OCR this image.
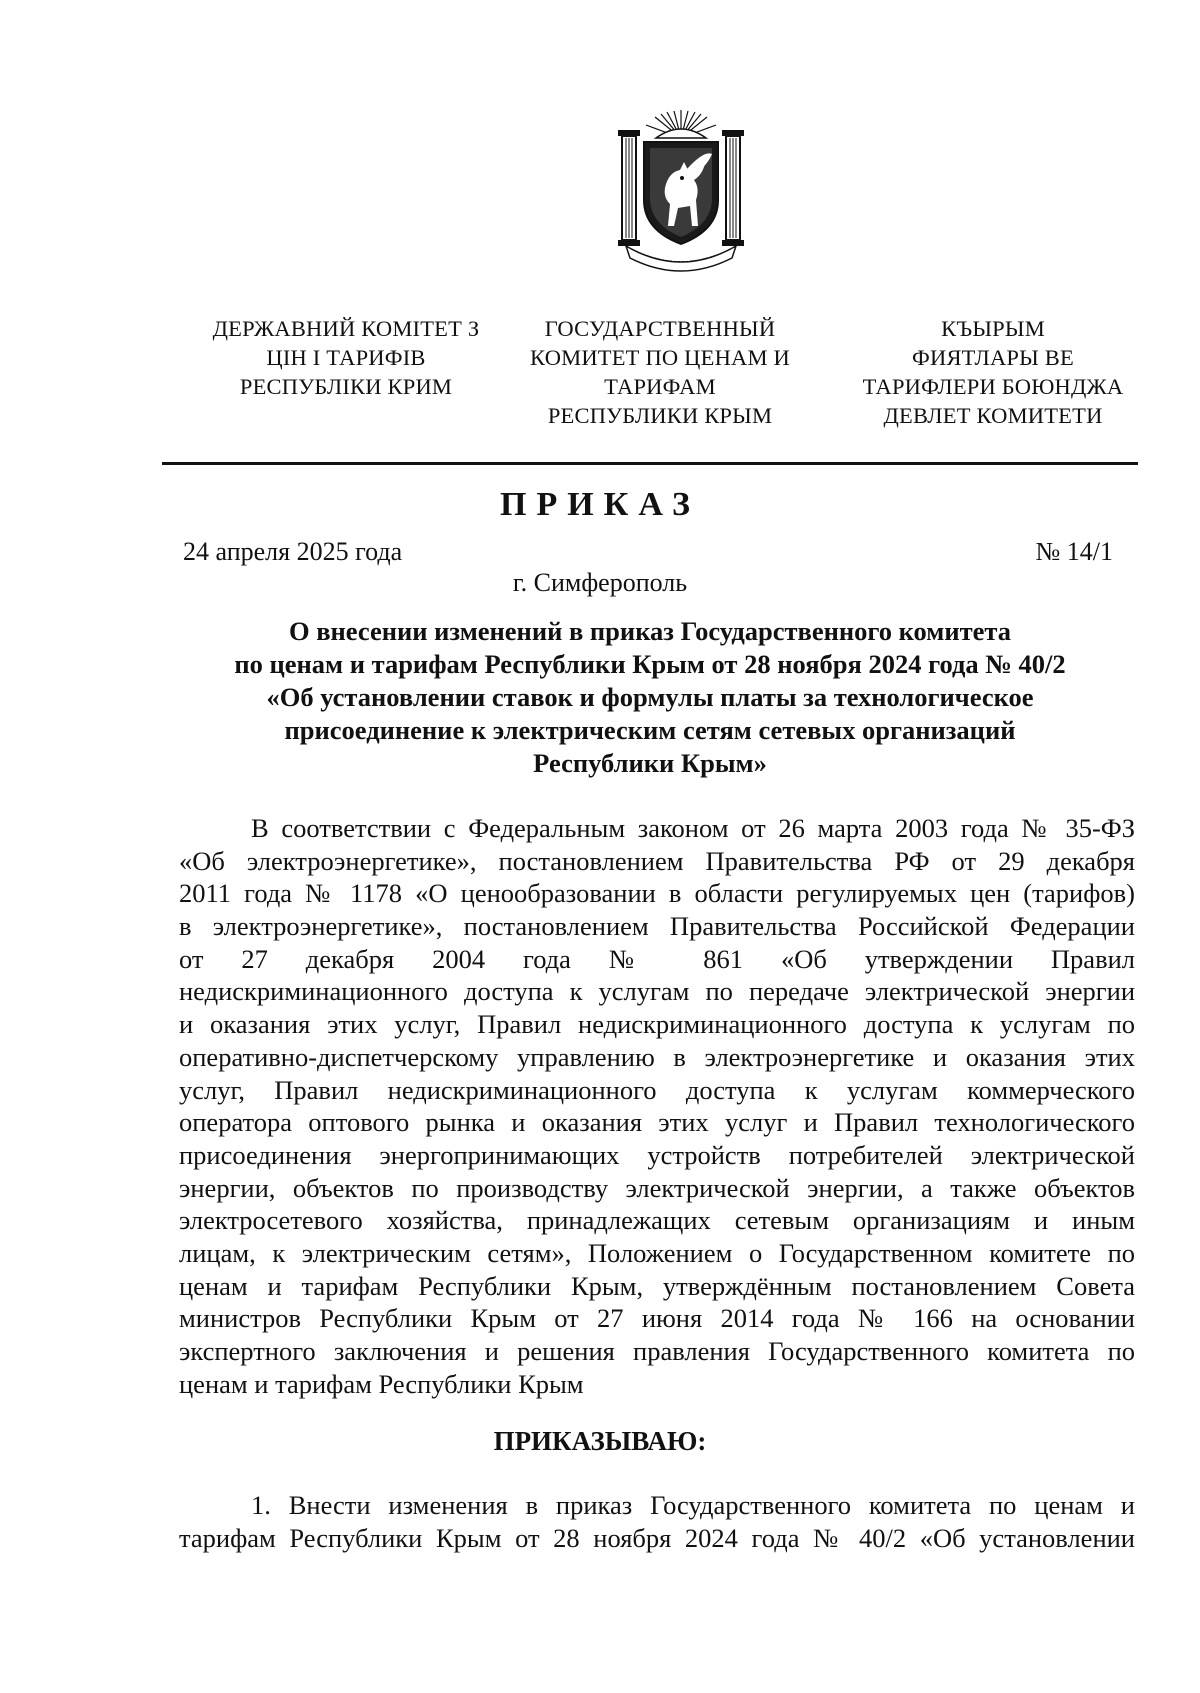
ДЕРЖАВНИЙ КОМІТЕТ З
ЦІН І ТАРИФІВ
РЕСПУБЛІКИ КРИМ
ГОСУДАРСТВЕННЫЙ
КОМИТЕТ ПО ЦЕНАМ И
ТАРИФАМ
РЕСПУБЛИКИ КРЫМ
КЪЫРЫМ
ФИЯТЛАРЫ ВЕ
ТАРИФЛЕРИ БОЮНДЖА
ДЕВЛЕТ КОМИТЕТИ
ПРИКАЗ
24 апреля 2025 года	№ 14/1
г. Симферополь
О внесении изменений в приказ Государственного комитета
по ценам и тарифам Республики Крым от 28 ноября 2024 года № 40/2
«Об установлении ставок и формулы платы за технологическое
присоединение к электрическим сетям сетевых организаций
Республики Крым»
В соответствии с Федеральным законом от 26 марта 2003 года № 35-ФЗ
«Об электроэнергетике», постановлением Правительства РФ от 29 декабря
2011 года № 1178 «О ценообразовании в области регулируемых цен (тарифов)
в электроэнергетике», постановлением Правительства Российской Федерации
от 27 декабря 2004 года № 861 «Об утверждении Правил
недискриминационного доступа к услугам по передаче электрической энергии
и оказания этих услуг, Правил недискриминационного доступа к услугам по
оперативно-диспетчерскому управлению в электроэнергетике и оказания этих
услуг, Правил недискриминационного доступа к услугам коммерческого
оператора оптового рынка и оказания этих услуг и Правил технологического
присоединения энергопринимающих устройств потребителей электрической
энергии, объектов по производству электрической энергии, а также объектов
электросетевого хозяйства, принадлежащих сетевым организациям и иным
лицам, к электрическим сетям», Положением о Государственном комитете по
ценам и тарифам Республики Крым, утверждённым постановлением Совета
министров Республики Крым от 27 июня 2014 года № 166 на основании
экспертного заключения и решения правления Государственного комитета по
ценам и тарифам Республики Крым
ПРИКАЗЫВАЮ:
1. Внести изменения в приказ Государственного комитета по ценам и
тарифам Республики Крым от 28 ноября 2024 года № 40/2 «Об установлении
